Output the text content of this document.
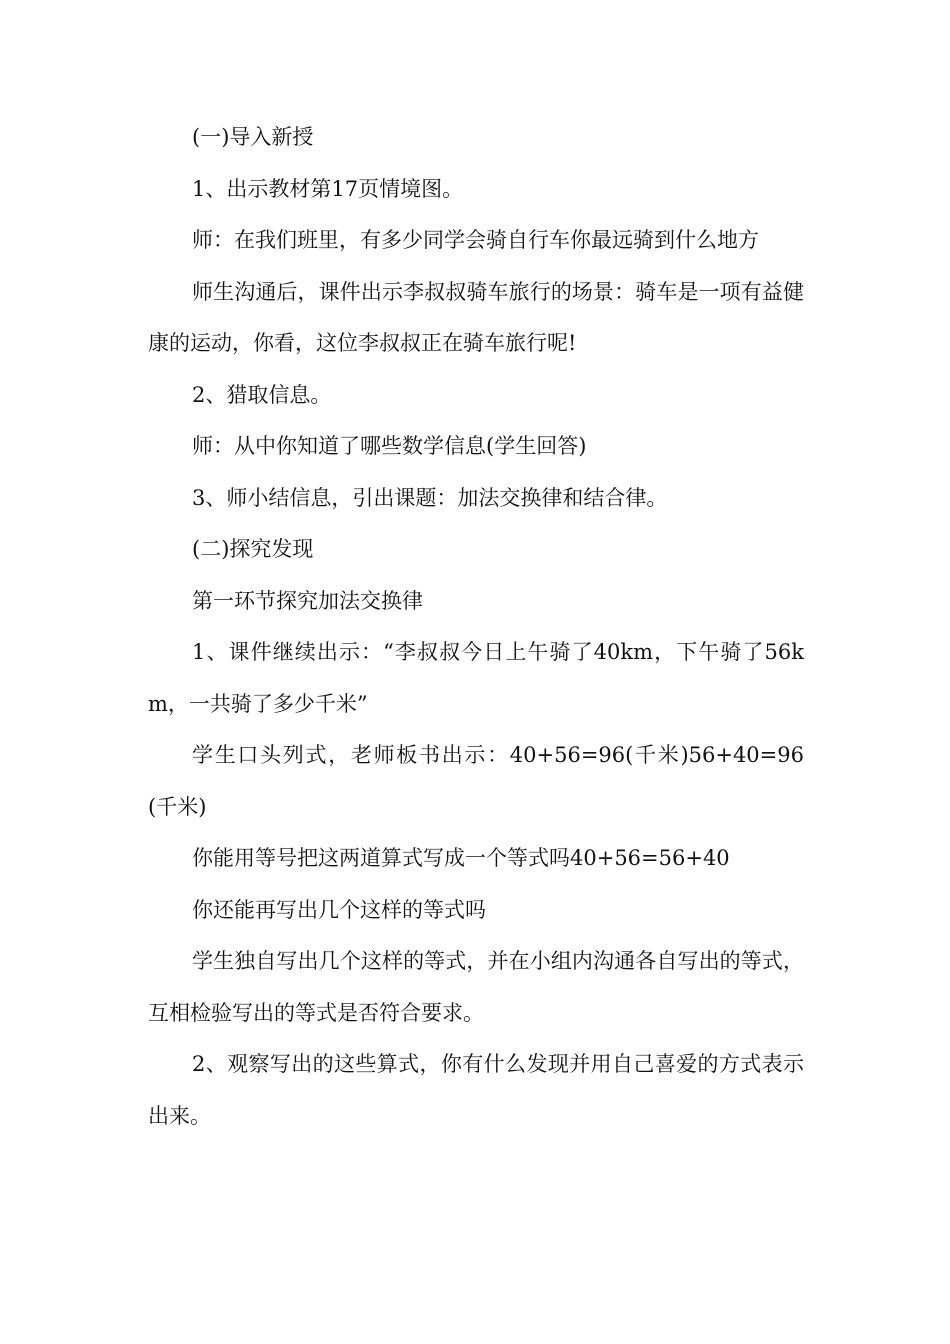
(一)导入新授

1、出示教材第17页情境图。

师：在我们班里，有多少同学会骑自行车你最远骑到什么地方

师生沟通后，课件出示李叔叔骑车旅行的场景：骑车是一项有益健康的运动，你看，这位李叔叔正在骑车旅行呢!

2、猎取信息。

师：从中你知道了哪些数学信息(学生回答)

3、师小结信息，引出课题：加法交换律和结合律。

(二)探究发现

第一环节探究加法交换律

1、课件继续出示：“李叔叔今日上午骑了40km，下午骑了56km，一共骑了多少千米”

学生口头列式，老师板书出示：40+56=96(千米)56+40=96(千米)

你能用等号把这两道算式写成一个等式吗40+56=56+40

你还能再写出几个这样的等式吗

学生独自写出几个这样的等式，并在小组内沟通各自写出的等式，互相检验写出的等式是否符合要求。

2、观察写出的这些算式，你有什么发现并用自己喜爱的方式表示出来。
